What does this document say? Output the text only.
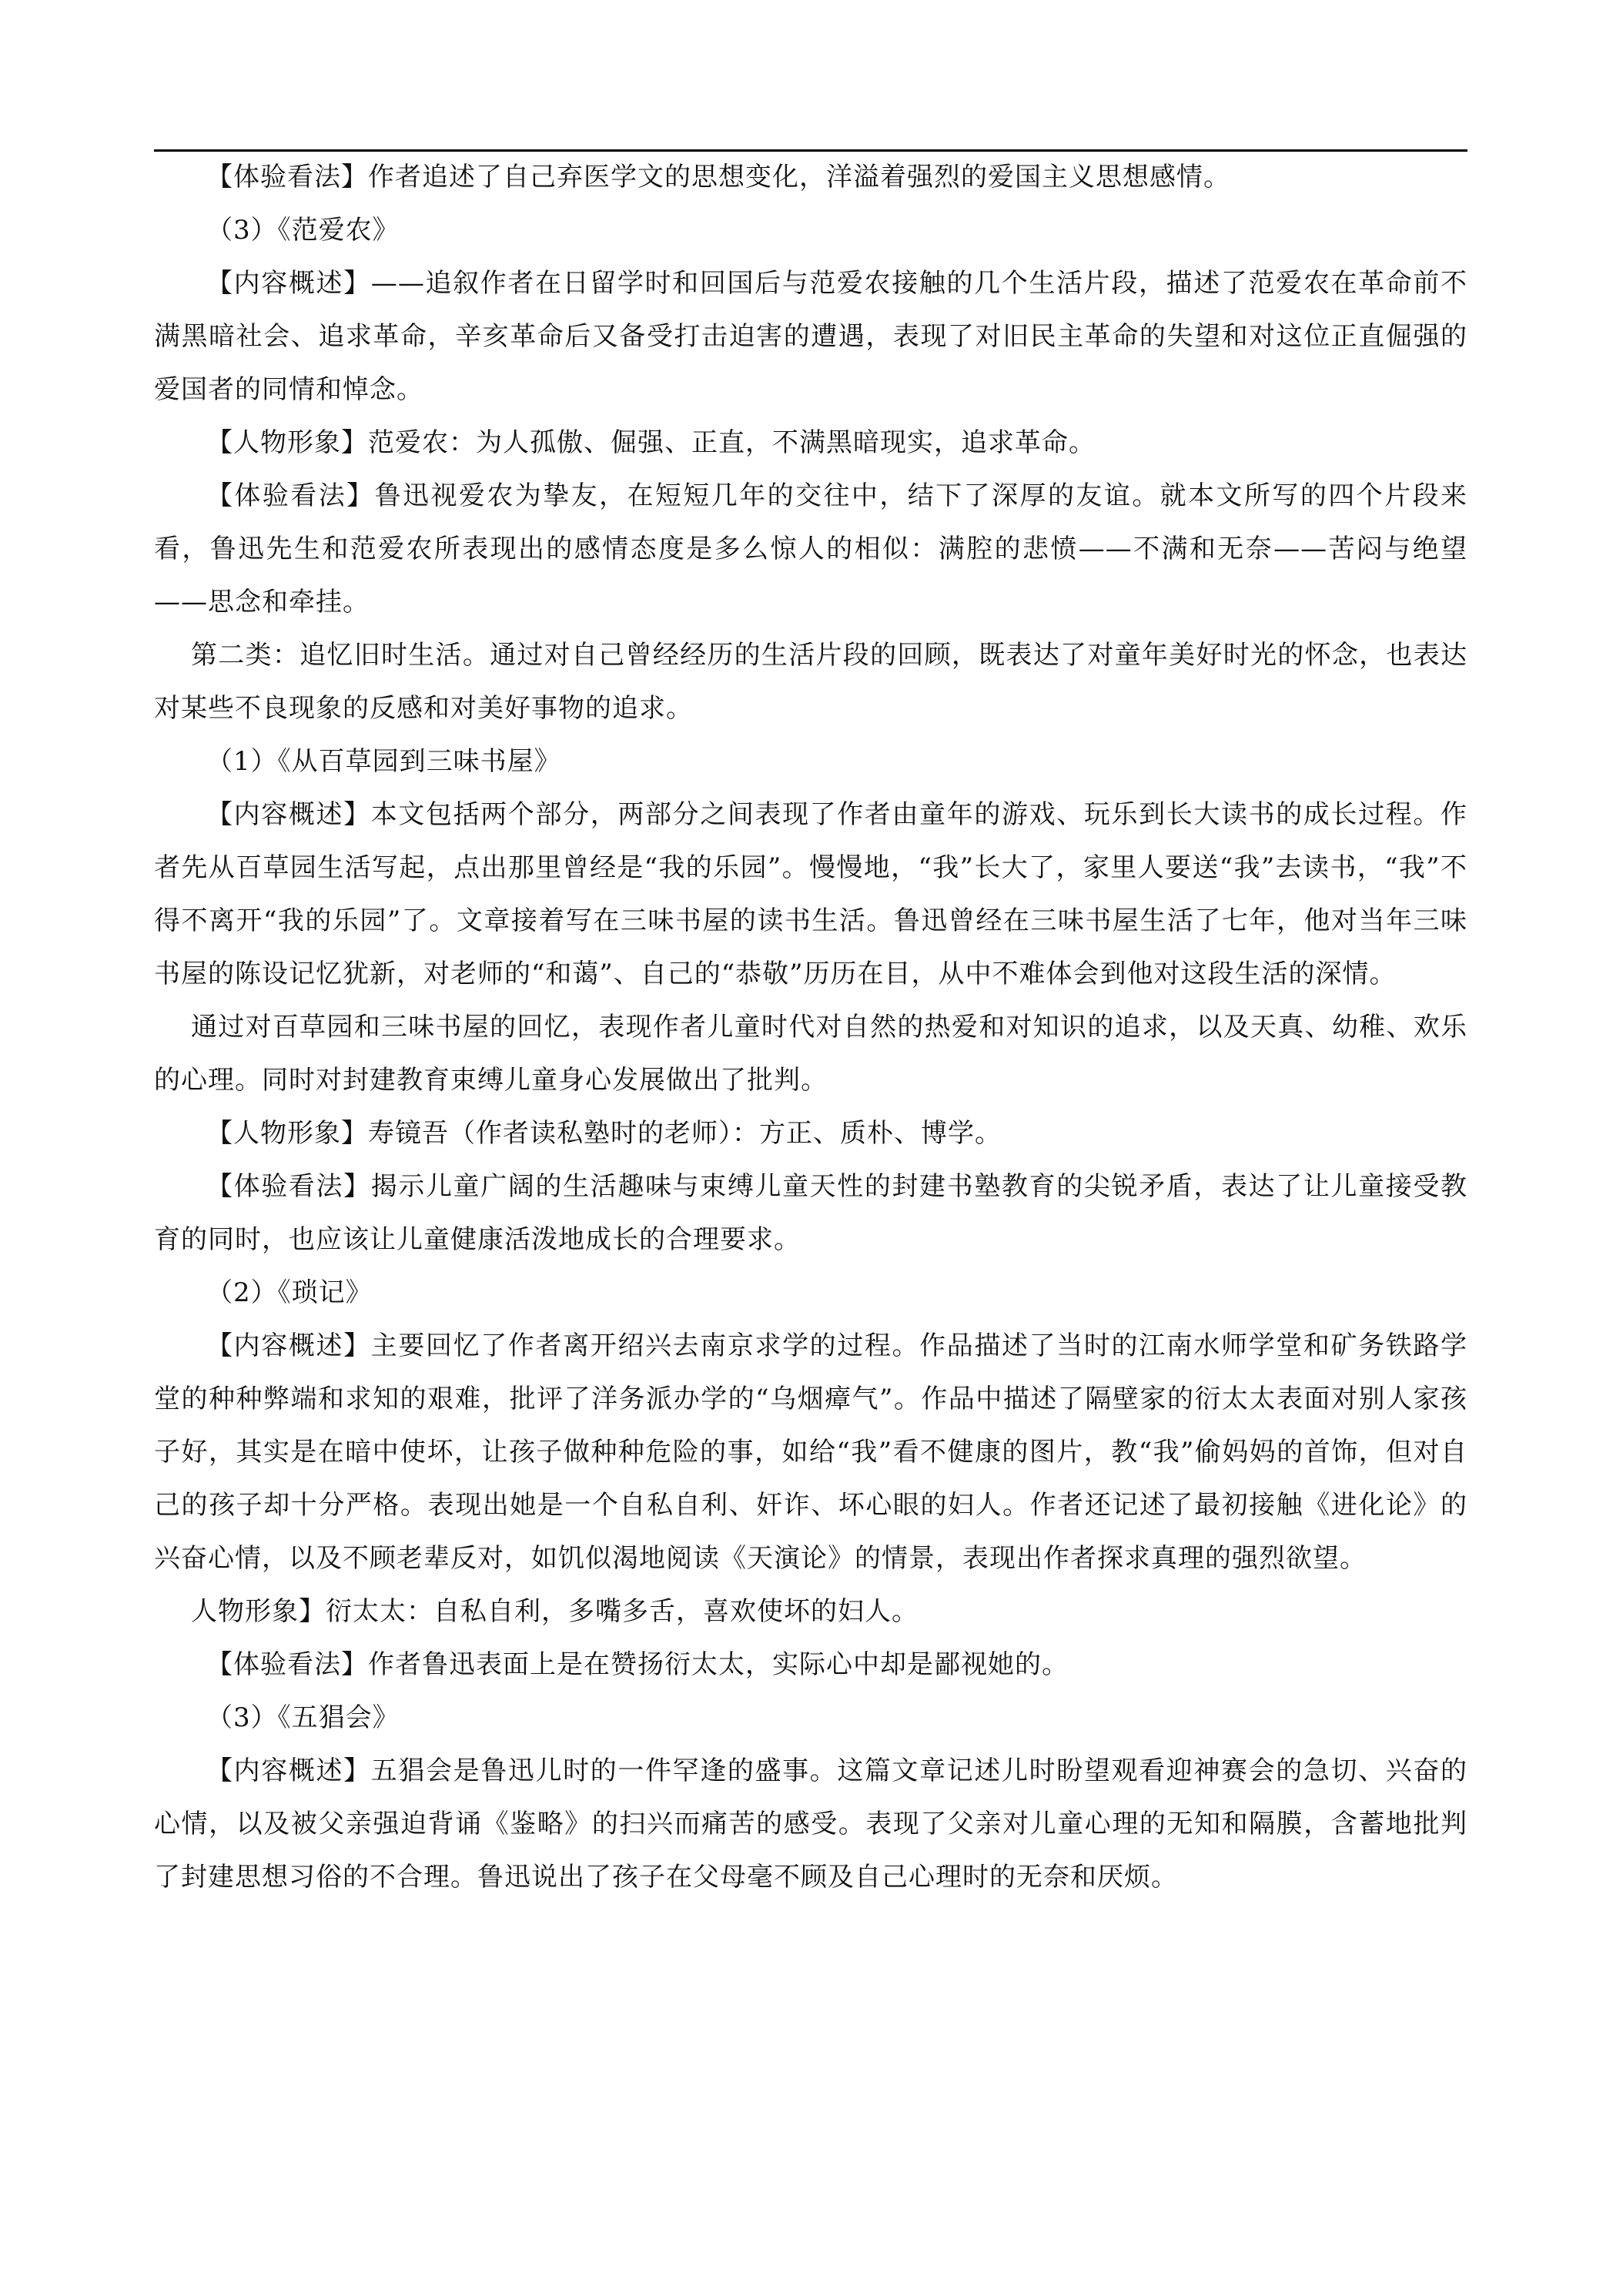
【体验看法】作者追述了自己弃医学文的思想变化，洋溢着强烈的爱国主义思想感情。

（3）《范爱农》

【内容概述】——追叙作者在日留学时和回国后与范爱农接触的几个生活片段，描述了范爱农在革命前不满黑暗社会、追求革命，辛亥革命后又备受打击迫害的遭遇，表现了对旧民主革命的失望和对这位正直倔强的爱国者的同情和悼念。

【人物形象】范爱农：为人孤傲、倔强、正直，不满黑暗现实，追求革命。

【体验看法】鲁迅视爱农为挚友，在短短几年的交往中，结下了深厚的友谊。就本文所写的四个片段来看，鲁迅先生和范爱农所表现出的感情态度是多么惊人的相似：满腔的悲愤——不满和无奈——苦闷与绝望——思念和牵挂。

第二类：追忆旧时生活。通过对自己曾经经历的生活片段的回顾，既表达了对童年美好时光的怀念，也表达对某些不良现象的反感和对美好事物的追求。

（1）《从百草园到三味书屋》

【内容概述】本文包括两个部分，两部分之间表现了作者由童年的游戏、玩乐到长大读书的成长过程。作者先从百草园生活写起，点出那里曾经是“我的乐园”。慢慢地，“我”长大了，家里人要送“我”去读书，“我”不得不离开“我的乐园”了。文章接着写在三味书屋的读书生活。鲁迅曾经在三味书屋生活了七年，他对当年三味书屋的陈设记忆犹新，对老师的“和蔼”、自己的“恭敬”历历在目，从中不难体会到他对这段生活的深情。

通过对百草园和三味书屋的回忆，表现作者儿童时代对自然的热爱和对知识的追求，以及天真、幼稚、欢乐的心理。同时对封建教育束缚儿童身心发展做出了批判。

【人物形象】寿镜吾（作者读私塾时的老师）：方正、质朴、博学。

【体验看法】揭示儿童广阔的生活趣味与束缚儿童天性的封建书塾教育的尖锐矛盾，表达了让儿童接受教育的同时，也应该让儿童健康活泼地成长的合理要求。

（2）《琐记》

【内容概述】主要回忆了作者离开绍兴去南京求学的过程。作品描述了当时的江南水师学堂和矿务铁路学堂的种种弊端和求知的艰难，批评了洋务派办学的“乌烟瘴气”。作品中描述了隔壁家的衍太太表面对别人家孩子好，其实是在暗中使坏，让孩子做种种危险的事，如给“我”看不健康的图片，教“我”偷妈妈的首饰，但对自己的孩子却十分严格。表现出她是一个自私自利、奸诈、坏心眼的妇人。作者还记述了最初接触《进化论》的兴奋心情，以及不顾老辈反对，如饥似渴地阅读《天演论》的情景，表现出作者探求真理的强烈欲望。

人物形象】衍太太：自私自利，多嘴多舌，喜欢使坏的妇人。

【体验看法】作者鲁迅表面上是在赞扬衍太太，实际心中却是鄙视她的。

（3）《五猖会》

【内容概述】五猖会是鲁迅儿时的一件罕逢的盛事。这篇文章记述儿时盼望观看迎神赛会的急切、兴奋的心情，以及被父亲强迫背诵《鉴略》的扫兴而痛苦的感受。表现了父亲对儿童心理的无知和隔膜，含蓄地批判了封建思想习俗的不合理。鲁迅说出了孩子在父母毫不顾及自己心理时的无奈和厌烦。
